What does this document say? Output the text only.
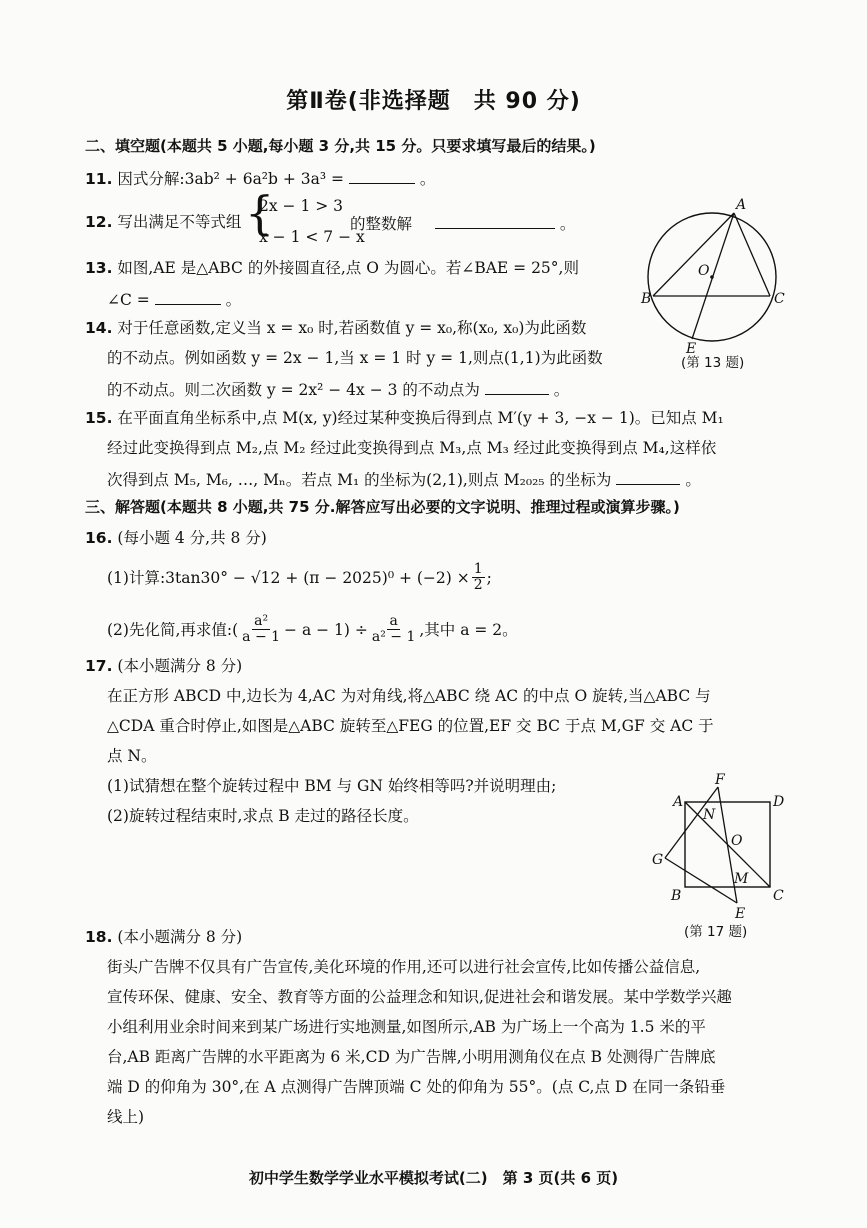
第Ⅱ卷(非选择题　共 90 分)
二、填空题(本题共 5 小题,每小题 3 分,共 15 分。只要求填写最后的结果。)
11. 因式分解:3ab² + 6a²b + 3a³ =	。
12. 写出满足不等式组 {
2x − 1 > 3
x − 1 < 7 − x
的整数解	。
13. 如图,AE 是△ABC 的外接圆直径,点 O 为圆心。若∠BAE = 25°,则
∠C =	。
A
B	C
O
E
(第 13 题)
14. 对于任意函数,定义当 x = x₀ 时,若函数值 y = x₀,称(x₀, x₀)为此函数
的不动点。例如函数 y = 2x − 1,当 x = 1 时 y = 1,则点(1,1)为此函数
的不动点。则二次函数 y = 2x² − 4x − 3 的不动点为	。
15. 在平面直角坐标系中,点 M(x, y)经过某种变换后得到点 M′(y + 3, −x − 1)。已知点 M₁
经过此变换得到点 M₂,点 M₂ 经过此变换得到点 M₃,点 M₃ 经过此变换得到点 M₄,这样依
次得到点 M₅, M₆, …, Mₙ。若点 M₁ 的坐标为(2,1),则点 M₂₀₂₅ 的坐标为	。
三、解答题(本题共 8 小题,共 75 分.解答应写出必要的文字说明、推理过程或演算步骤。)
16. (每小题 4 分,共 8 分)
(1)计算:3tan30° − $√12 + (\pi - 2025)^0 + (-2) \times \frac{1}{2}$ ;
(2)先化简,再求值:( $\frac{\text{a²}}{a - 1} - a - 1) \div \frac{a}{\text{a² − 1}}$ ,其中 a = 2。
17. (本小题满分 8 分)
在正方形 ABCD 中,边长为 4,AC 为对角线,将△ABC 绕 AC 的中点 O 旋转,当△ABC 与
△CDA 重合时停止,如图是△ABC 旋转至△FEG 的位置,EF 交 BC 于点 M,GF 交 AC 于
点 N。
(1)试猜想在整个旋转过程中 BM 与 GN 始终相等吗?并说明理由;
(2)旋转过程结束时,求点 B 走过的路径长度。
F
A	D
N
O
G
B
M
C
E
(第 17 题)
18. (本小题满分 8 分)
街头广告牌不仅具有广告宣传,美化环境的作用,还可以进行社会宣传,比如传播公益信息,
宣传环保、健康、安全、教育等方面的公益理念和知识,促进社会和谐发展。某中学数学兴趣
小组利用业余时间来到某广场进行实地测量,如图所示,AB 为广场上一个高为 1.5 米的平
台,AB 距离广告牌的水平距离为 6 米,CD 为广告牌,小明用测角仪在点 B 处测得广告牌底
端 D 的仰角为 30°,在 A 点测得广告牌顶端 C 处的仰角为 55°。(点 C,点 D 在同一条铅垂
线上)
初中学生数学学业水平模拟考试(二)　第 3 页(共 6 页)
